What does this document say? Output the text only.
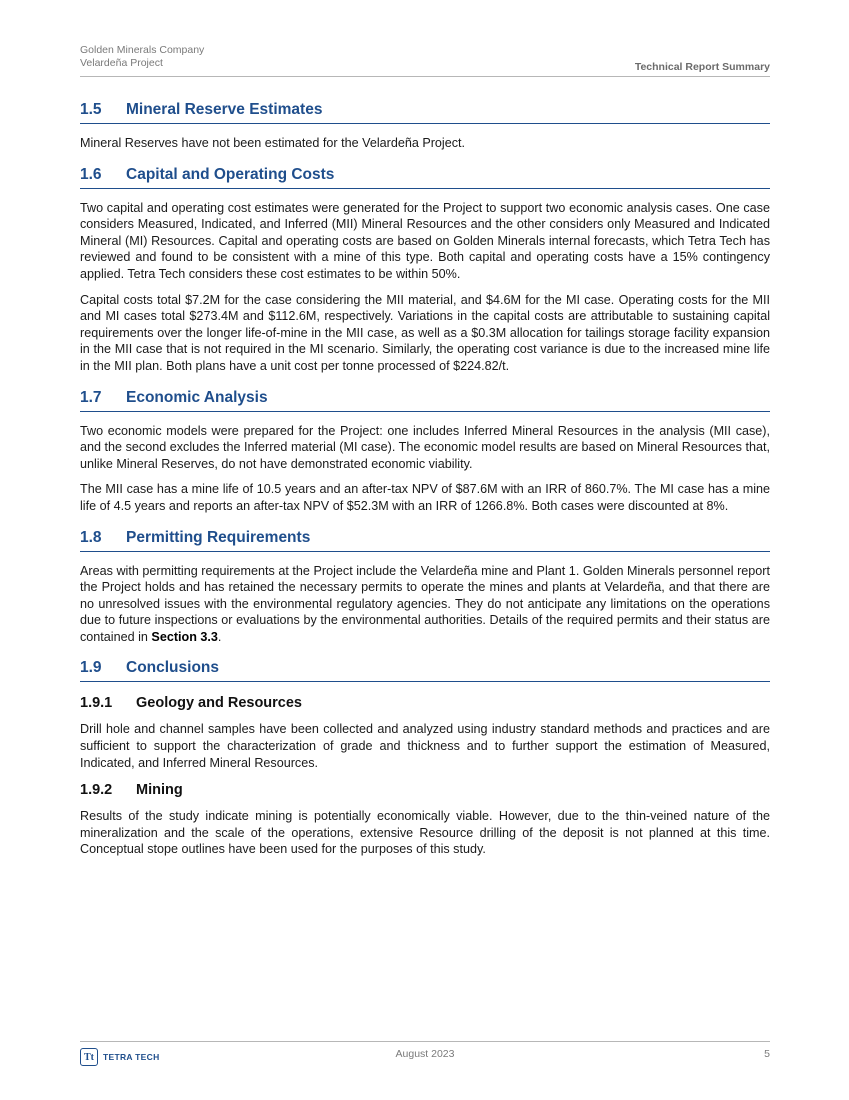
Golden Minerals Company
Velardeña Project	Technical Report Summary
1.5 Mineral Reserve Estimates

Mineral Reserves have not been estimated for the Velardeña Project.

1.6 Capital and Operating Costs

Two capital and operating cost estimates were generated for the Project to support two economic analysis cases. One case considers Measured, Indicated, and Inferred (MII) Mineral Resources and the other considers only Measured and Indicated Mineral (MI) Resources. Capital and operating costs are based on Golden Minerals internal forecasts, which Tetra Tech has reviewed and found to be consistent with a mine of this type. Both capital and operating costs have a 15% contingency applied. Tetra Tech considers these cost estimates to be within 50%.

Capital costs total $7.2M for the case considering the MII material, and $4.6M for the MI case. Operating costs for the MII and MI cases total $273.4M and $112.6M, respectively. Variations in the capital costs are attributable to sustaining capital requirements over the longer life-of-mine in the MII case, as well as a $0.3M allocation for tailings storage facility expansion in the MII case that is not required in the MI scenario. Similarly, the operating cost variance is due to the increased mine life in the MII plan. Both plans have a unit cost per tonne processed of $224.82/t.

1.7 Economic Analysis

Two economic models were prepared for the Project: one includes Inferred Mineral Resources in the analysis (MII case), and the second excludes the Inferred material (MI case). The economic model results are based on Mineral Resources that, unlike Mineral Reserves, do not have demonstrated economic viability.

The MII case has a mine life of 10.5 years and an after-tax NPV of $87.6M with an IRR of 860.7%. The MI case has a mine life of 4.5 years and reports an after-tax NPV of $52.3M with an IRR of 1266.8%. Both cases were discounted at 8%.

1.8 Permitting Requirements

Areas with permitting requirements at the Project include the Velardeña mine and Plant 1. Golden Minerals personnel report the Project holds and has retained the necessary permits to operate the mines and plants at Velardeña, and that there are no unresolved issues with the environmental regulatory agencies. They do not anticipate any limitations on the operations due to future inspections or evaluations by the environmental authorities. Details of the required permits and their status are contained in Section 3.3.

1.9 Conclusions
1.9.1 Geology and Resources

Drill hole and channel samples have been collected and analyzed using industry standard methods and practices and are sufficient to support the characterization of grade and thickness and to further support the estimation of Measured, Indicated, and Inferred Mineral Resources.

1.9.2 Mining

Results of the study indicate mining is potentially economically viable. However, due to the thin-veined nature of the mineralization and the scale of the operations, extensive Resource drilling of the deposit is not planned at this time. Conceptual stope outlines have been used for the purposes of this study.

Tt	TETRA TECH	August 2023	5
